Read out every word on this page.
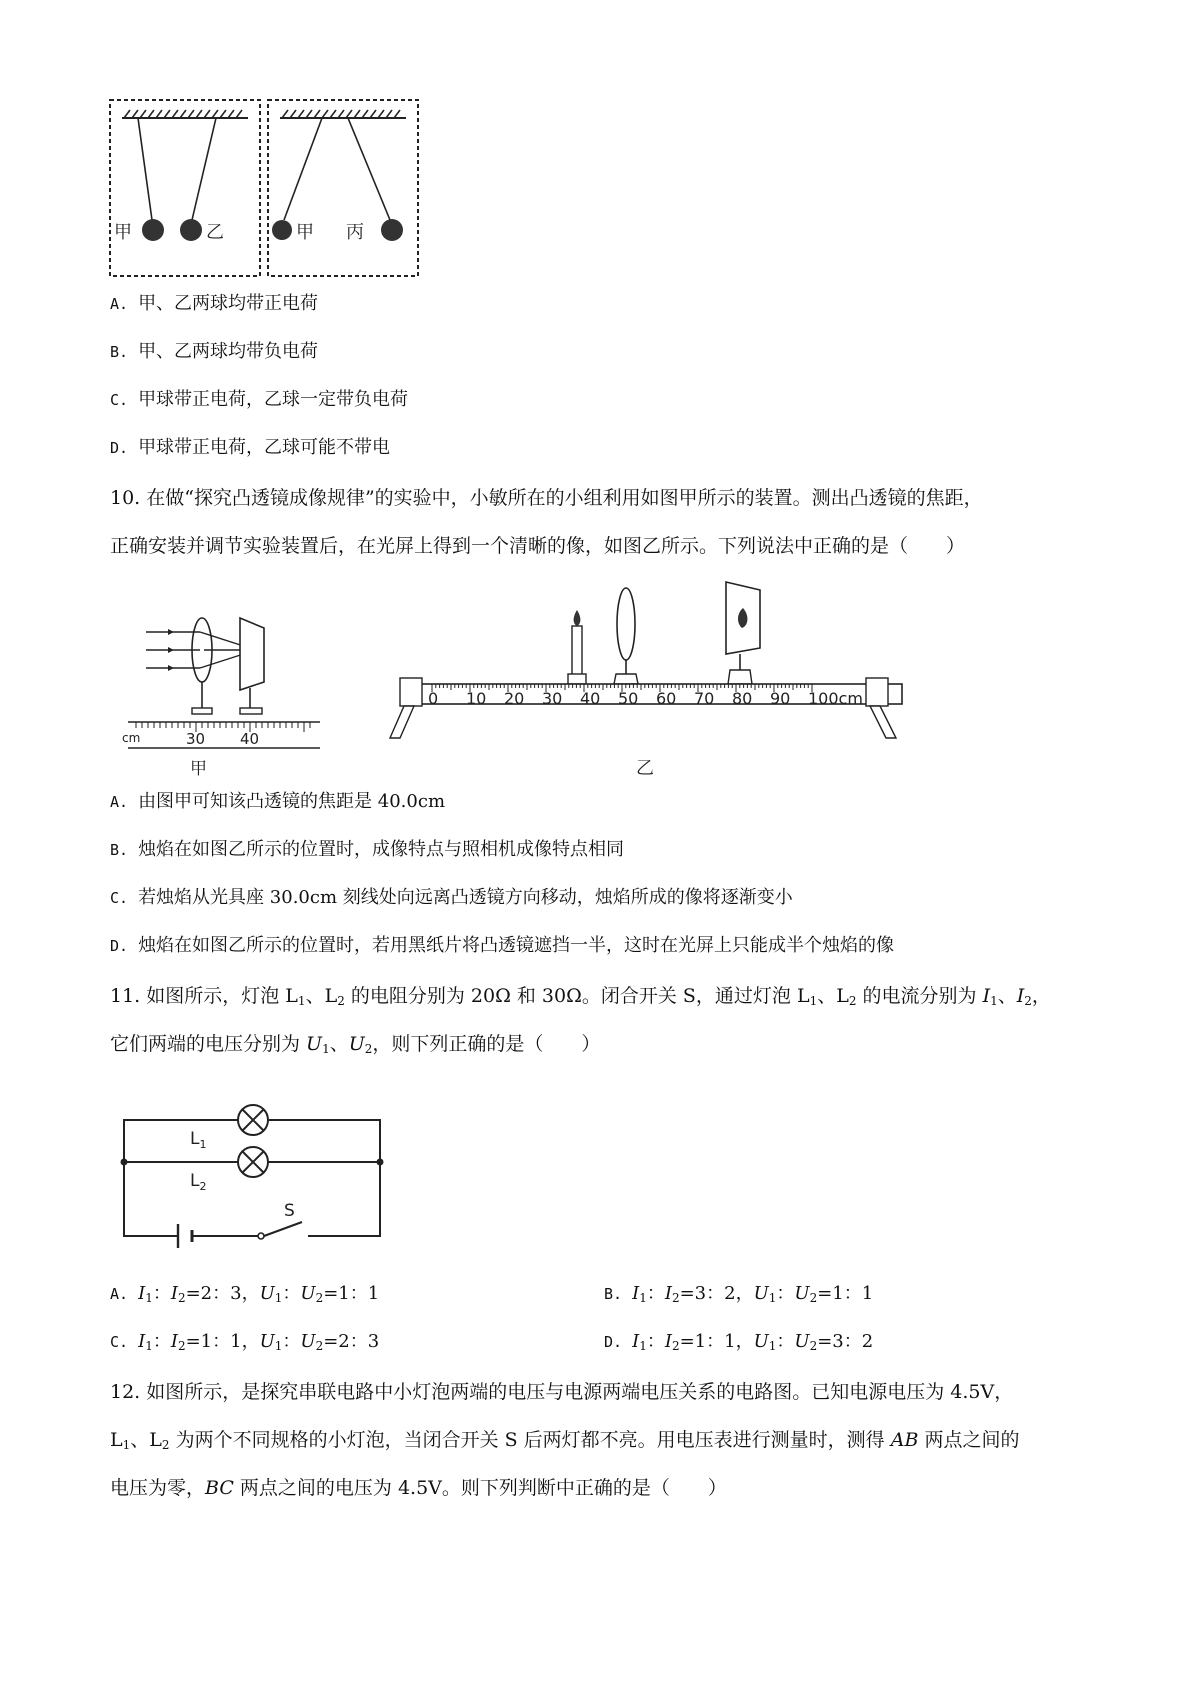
甲	乙	甲 丙
A. 甲、乙两球均带正电荷
B. 甲、乙两球均带负电荷
C. 甲球带正电荷，乙球一定带负电荷
D. 甲球带正电荷，乙球可能不带电
10. 在做“探究凸透镜成像规律”的实验中，小敏所在的小组利用如图甲所示的装置。测出凸透镜的焦距，
正确安装并调节实验装置后，在光屏上得到一个清晰的像，如图乙所示。下列说法中正确的是（　　）
cm	30 40
甲
0 10 20 30 40 50 60 70 80 90 100cm
乙
A. 由图甲可知该凸透镜的焦距是 40.0cm
B. 烛焰在如图乙所示的位置时，成像特点与照相机成像特点相同
C. 若烛焰从光具座 30.0cm 刻线处向远离凸透镜方向移动，烛焰所成的像将逐渐变小
D. 烛焰在如图乙所示的位置时，若用黑纸片将凸透镜遮挡一半，这时在光屏上只能成半个烛焰的像
11. 如图所示，灯泡 $L_1$、$L_2$ 的电阻分别为 20Ω 和 30Ω。闭合开关 S，通过灯泡 $L_1$、$L_2$ 的电流分别为 $I_1$、$I_2$，
它们两端的电压分别为 $U_1$、$U_2$，则下列正确的是（　　）
$L_1$
$L_2$
S
A. $I_1$：$I_2=2$：3，$U_1$：$U_2=1$：1	B. $I_1$：$I_2=3$：2，$U_1$：$U_2=1$：1
C. $I_1$：$I_2=1$：1，$U_1$：$U_2=2$：3	D. $I_1$：$I_2=1$：1，$U_1$：$U_2=3$：2
12. 如图所示，是探究串联电路中小灯泡两端的电压与电源两端电压关系的电路图。已知电源电压为 4.5V，
$L_1$、$L_2$ 为两个不同规格的小灯泡，当闭合开关 S 后两灯都不亮。用电压表进行测量时，测得 AB 两点之间的
电压为零，BC 两点之间的电压为 4.5V。则下列判断中正确的是（　　）
